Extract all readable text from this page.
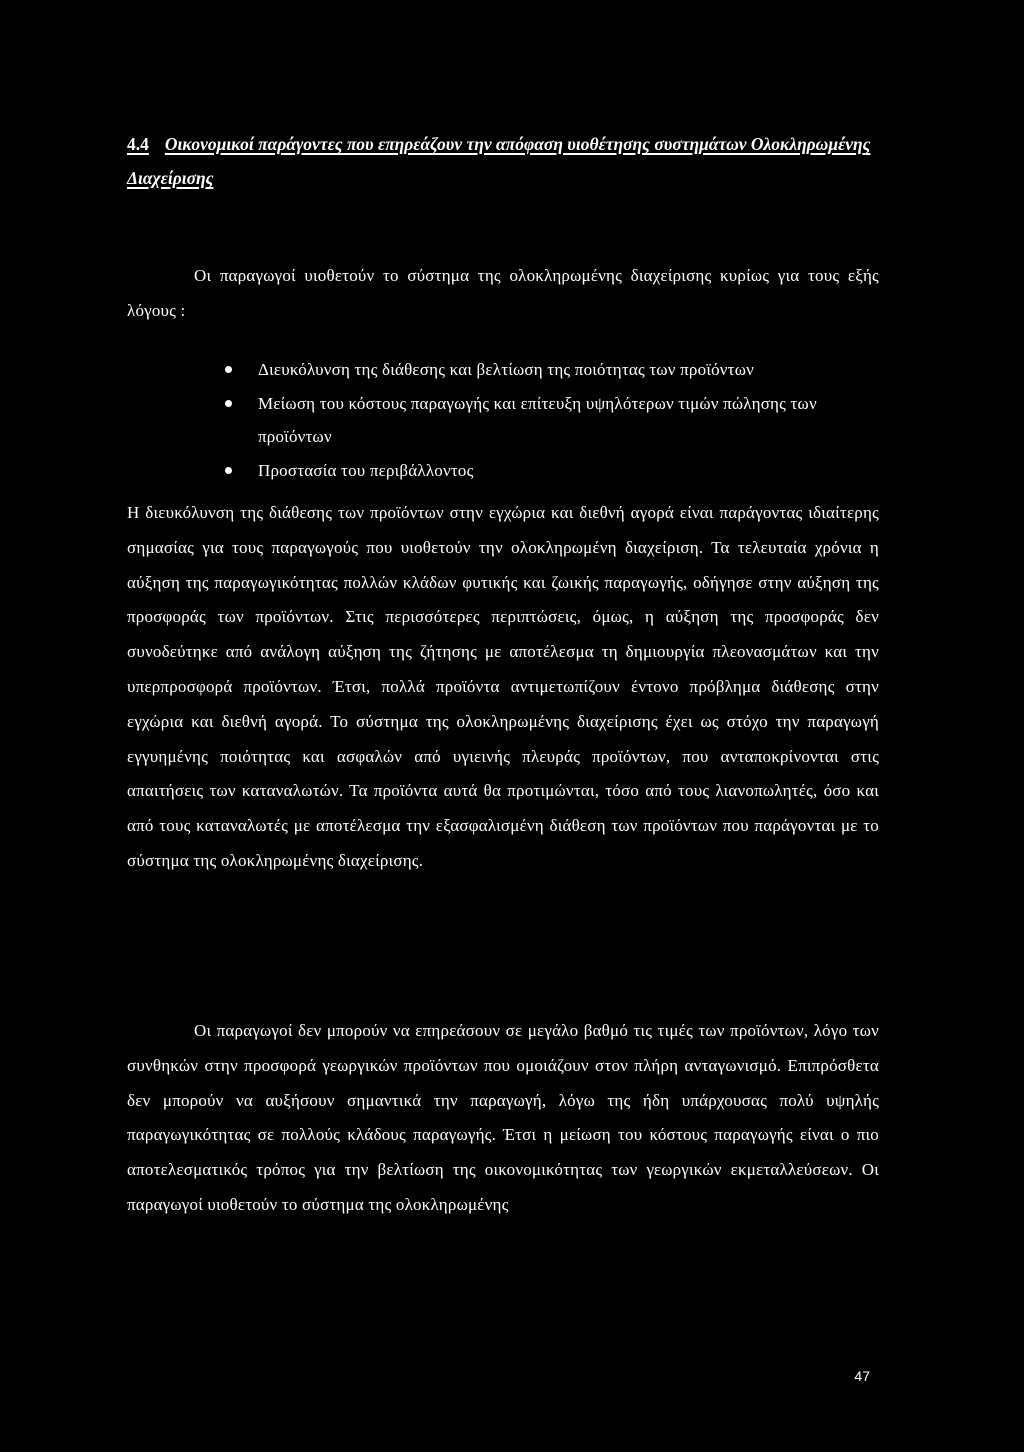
4.4 Οικονομικοί παράγοντες που επηρεάζουν την απόφαση υιοθέτησης συστημάτων Ολοκληρωμένης Διαχείρισης
Οι παραγωγοί υιοθετούν το σύστημα της ολοκληρωμένης διαχείρισης κυρίως για τους εξής λόγους :
Διευκόλυνση της διάθεσης και βελτίωση της ποιότητας των προϊόντων
Μείωση του κόστους παραγωγής και επίτευξη υψηλότερων τιμών πώλησης των προϊόντων
Προστασία του περιβάλλοντος
Η διευκόλυνση της διάθεσης των προϊόντων στην εγχώρια και διεθνή αγορά είναι παράγοντας ιδιαίτερης σημασίας για τους παραγωγούς που υιοθετούν την ολοκληρωμένη διαχείριση. Τα τελευταία χρόνια η αύξηση της παραγωγικότητας πολλών κλάδων φυτικής και ζωικής παραγωγής, οδήγησε στην αύξηση της προσφοράς των προϊόντων. Στις περισσότερες περιπτώσεις, όμως, η αύξηση της προσφοράς δεν συνοδεύτηκε από ανάλογη αύξηση της ζήτησης με αποτέλεσμα τη δημιουργία πλεονασμάτων και την υπερπροσφορά προϊόντων. Έτσι, πολλά προϊόντα αντιμετωπίζουν έντονο πρόβλημα διάθεσης στην εγχώρια και διεθνή αγορά. Το σύστημα της ολοκληρωμένης διαχείρισης έχει ως στόχο την παραγωγή εγγυημένης ποιότητας και ασφαλών από υγιεινής πλευράς προϊόντων, που ανταποκρίνονται στις απαιτήσεις των καταναλωτών. Τα προϊόντα αυτά θα προτιμώνται, τόσο από τους λιανοπωλητές, όσο και από τους καταναλωτές με αποτέλεσμα την εξασφαλισμένη διάθεση των προϊόντων που παράγονται με το σύστημα της ολοκληρωμένης διαχείρισης.
Οι παραγωγοί δεν μπορούν να επηρεάσουν σε μεγάλο βαθμό τις τιμές των προϊόντων, λόγο των συνθηκών στην προσφορά γεωργικών προϊόντων που ομοιάζουν στον πλήρη ανταγωνισμό. Επιπρόσθετα δεν μπορούν να αυξήσουν σημαντικά την παραγωγή, λόγω της ήδη υπάρχουσας πολύ υψηλής παραγωγικότητας σε πολλούς κλάδους παραγωγής. Έτσι η μείωση του κόστους παραγωγής είναι ο πιο αποτελεσματικός τρόπος για την βελτίωση της οικονομικότητας των γεωργικών εκμεταλλεύσεων. Οι παραγωγοί υιοθετούν το σύστημα της ολοκληρωμένης
47
